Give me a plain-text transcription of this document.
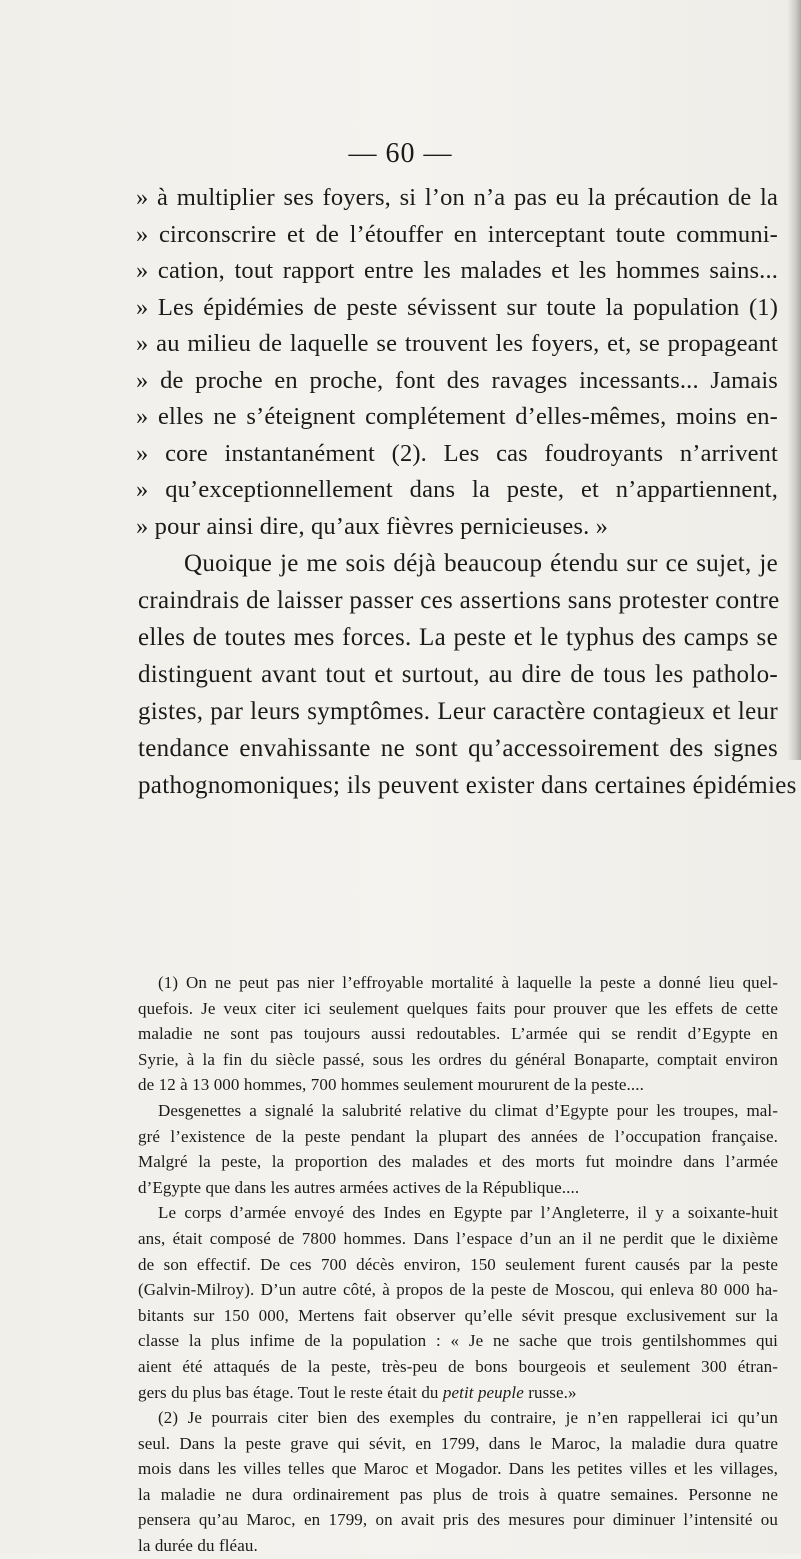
— 60 —
» à multiplier ses foyers, si l’on n’a pas eu la précaution de la
» circonscrire et de l’étouffer en interceptant toute communi-
» cation, tout rapport entre les malades et les hommes sains...
» Les épidémies de peste sévissent sur toute la population (1)
» au milieu de laquelle se trouvent les foyers, et, se propageant
» de proche en proche, font des ravages incessants... Jamais
» elles ne s’éteignent complétement d’elles-mêmes, moins en-
» core instantanément (2). Les cas foudroyants n’arrivent
» qu’exceptionnellement dans la peste, et n’appartiennent,
» pour ainsi dire, qu’aux fièvres pernicieuses. »
Quoique je me sois déjà beaucoup étendu sur ce sujet, je
craindrais de laisser passer ces assertions sans protester contre
elles de toutes mes forces. La peste et le typhus des camps se
distinguent avant tout et surtout, au dire de tous les patholo-
gistes, par leurs symptômes. Leur caractère contagieux et leur
tendance envahissante ne sont qu’accessoirement des signes
pathognomoniques; ils peuvent exister dans certaines épidémies
(1) On ne peut pas nier l’effroyable mortalité à laquelle la peste a donné lieu quel-
quefois. Je veux citer ici seulement quelques faits pour prouver que les effets de cette
maladie ne sont pas toujours aussi redoutables. L’armée qui se rendit d’Egypte en
Syrie, à la fin du siècle passé, sous les ordres du général Bonaparte, comptait environ
de 12 à 13 000 hommes, 700 hommes seulement moururent de la peste....
Desgenettes a signalé la salubrité relative du climat d’Egypte pour les troupes, mal-
gré l’existence de la peste pendant la plupart des années de l’occupation française.
Malgré la peste, la proportion des malades et des morts fut moindre dans l’armée
d’Egypte que dans les autres armées actives de la République....
Le corps d’armée envoyé des Indes en Egypte par l’Angleterre, il y a soixante-huit
ans, était composé de 7800 hommes. Dans l’espace d’un an il ne perdit que le dixième
de son effectif. De ces 700 décès environ, 150 seulement furent causés par la peste
(Galvin-Milroy). D’un autre côté, à propos de la peste de Moscou, qui enleva 80 000 ha-
bitants sur 150 000, Mertens fait observer qu’elle sévit presque exclusivement sur la
classe la plus infime de la population : « Je ne sache que trois gentilshommes qui
aient été attaqués de la peste, très-peu de bons bourgeois et seulement 300 étran-
gers du plus bas étage. Tout le reste était du petit peuple russe.»
(2) Je pourrais citer bien des exemples du contraire, je n’en rappellerai ici qu’un
seul. Dans la peste grave qui sévit, en 1799, dans le Maroc, la maladie dura quatre
mois dans les villes telles que Maroc et Mogador. Dans les petites villes et les villages,
la maladie ne dura ordinairement pas plus de trois à quatre semaines. Personne ne
pensera qu’au Maroc, en 1799, on avait pris des mesures pour diminuer l’intensité ou
la durée du fléau.
